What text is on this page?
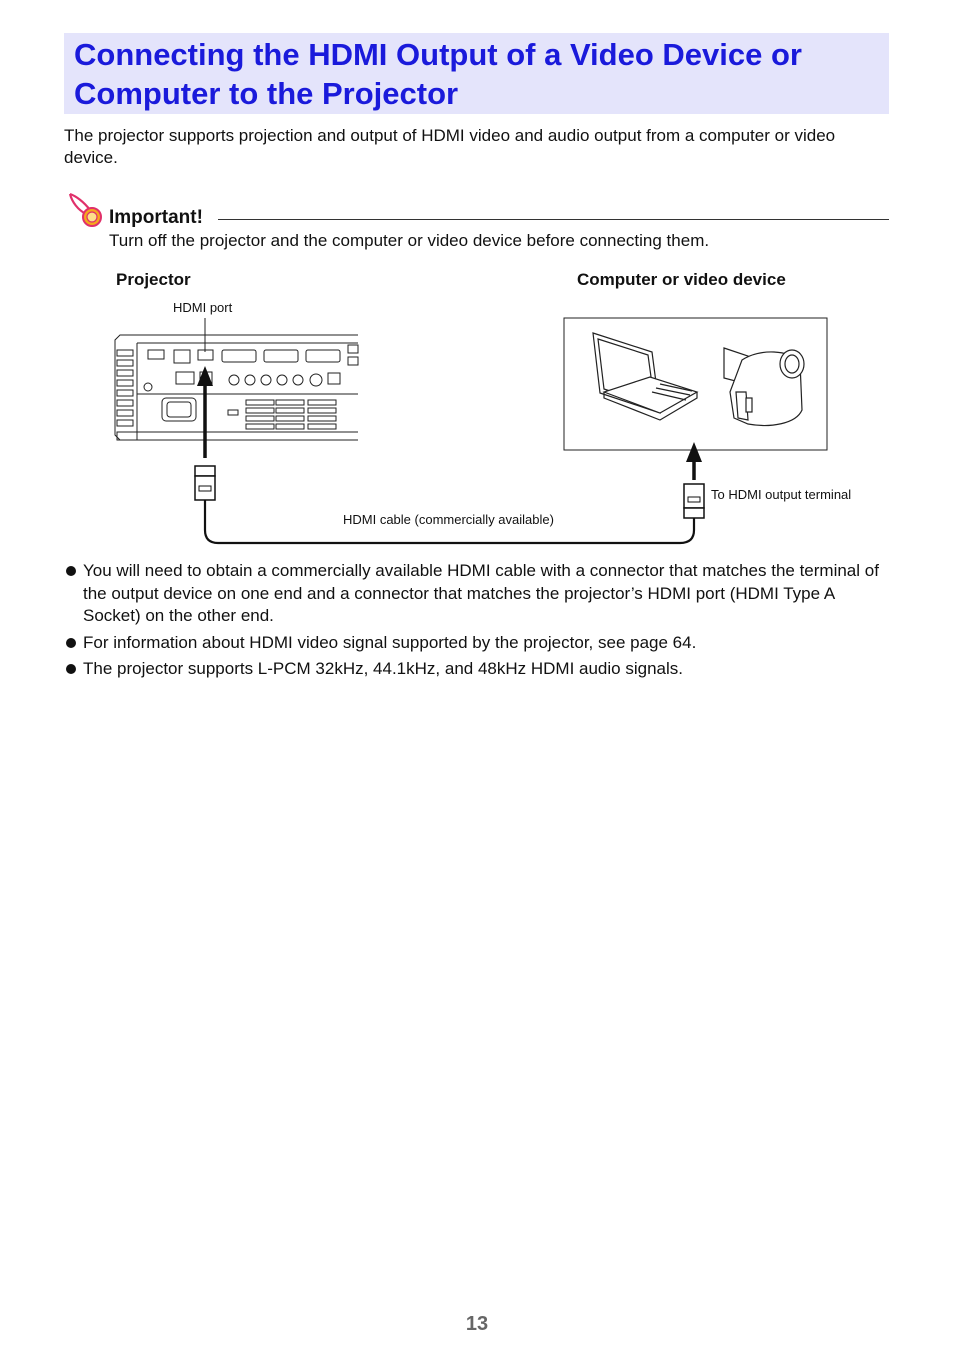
Connecting the HDMI Output of a Video Device or
Computer to the Projector
The projector supports projection and output of HDMI video and audio output from a computer or video device.
Important!
Turn off the projector and the computer or video device before connecting them.
Projector	Computer or video device
HDMI port
HDMI cable (commercially available)
To HDMI output terminal
You will need to obtain a commercially available HDMI cable with a connector that matches the terminal of the output device on one end and a connector that matches the projector’s HDMI port (HDMI Type A Socket) on the other end.
For information about HDMI video signal supported by the projector, see page 64.
The projector supports L-PCM 32kHz, 44.1kHz, and 48kHz HDMI audio signals.
13
